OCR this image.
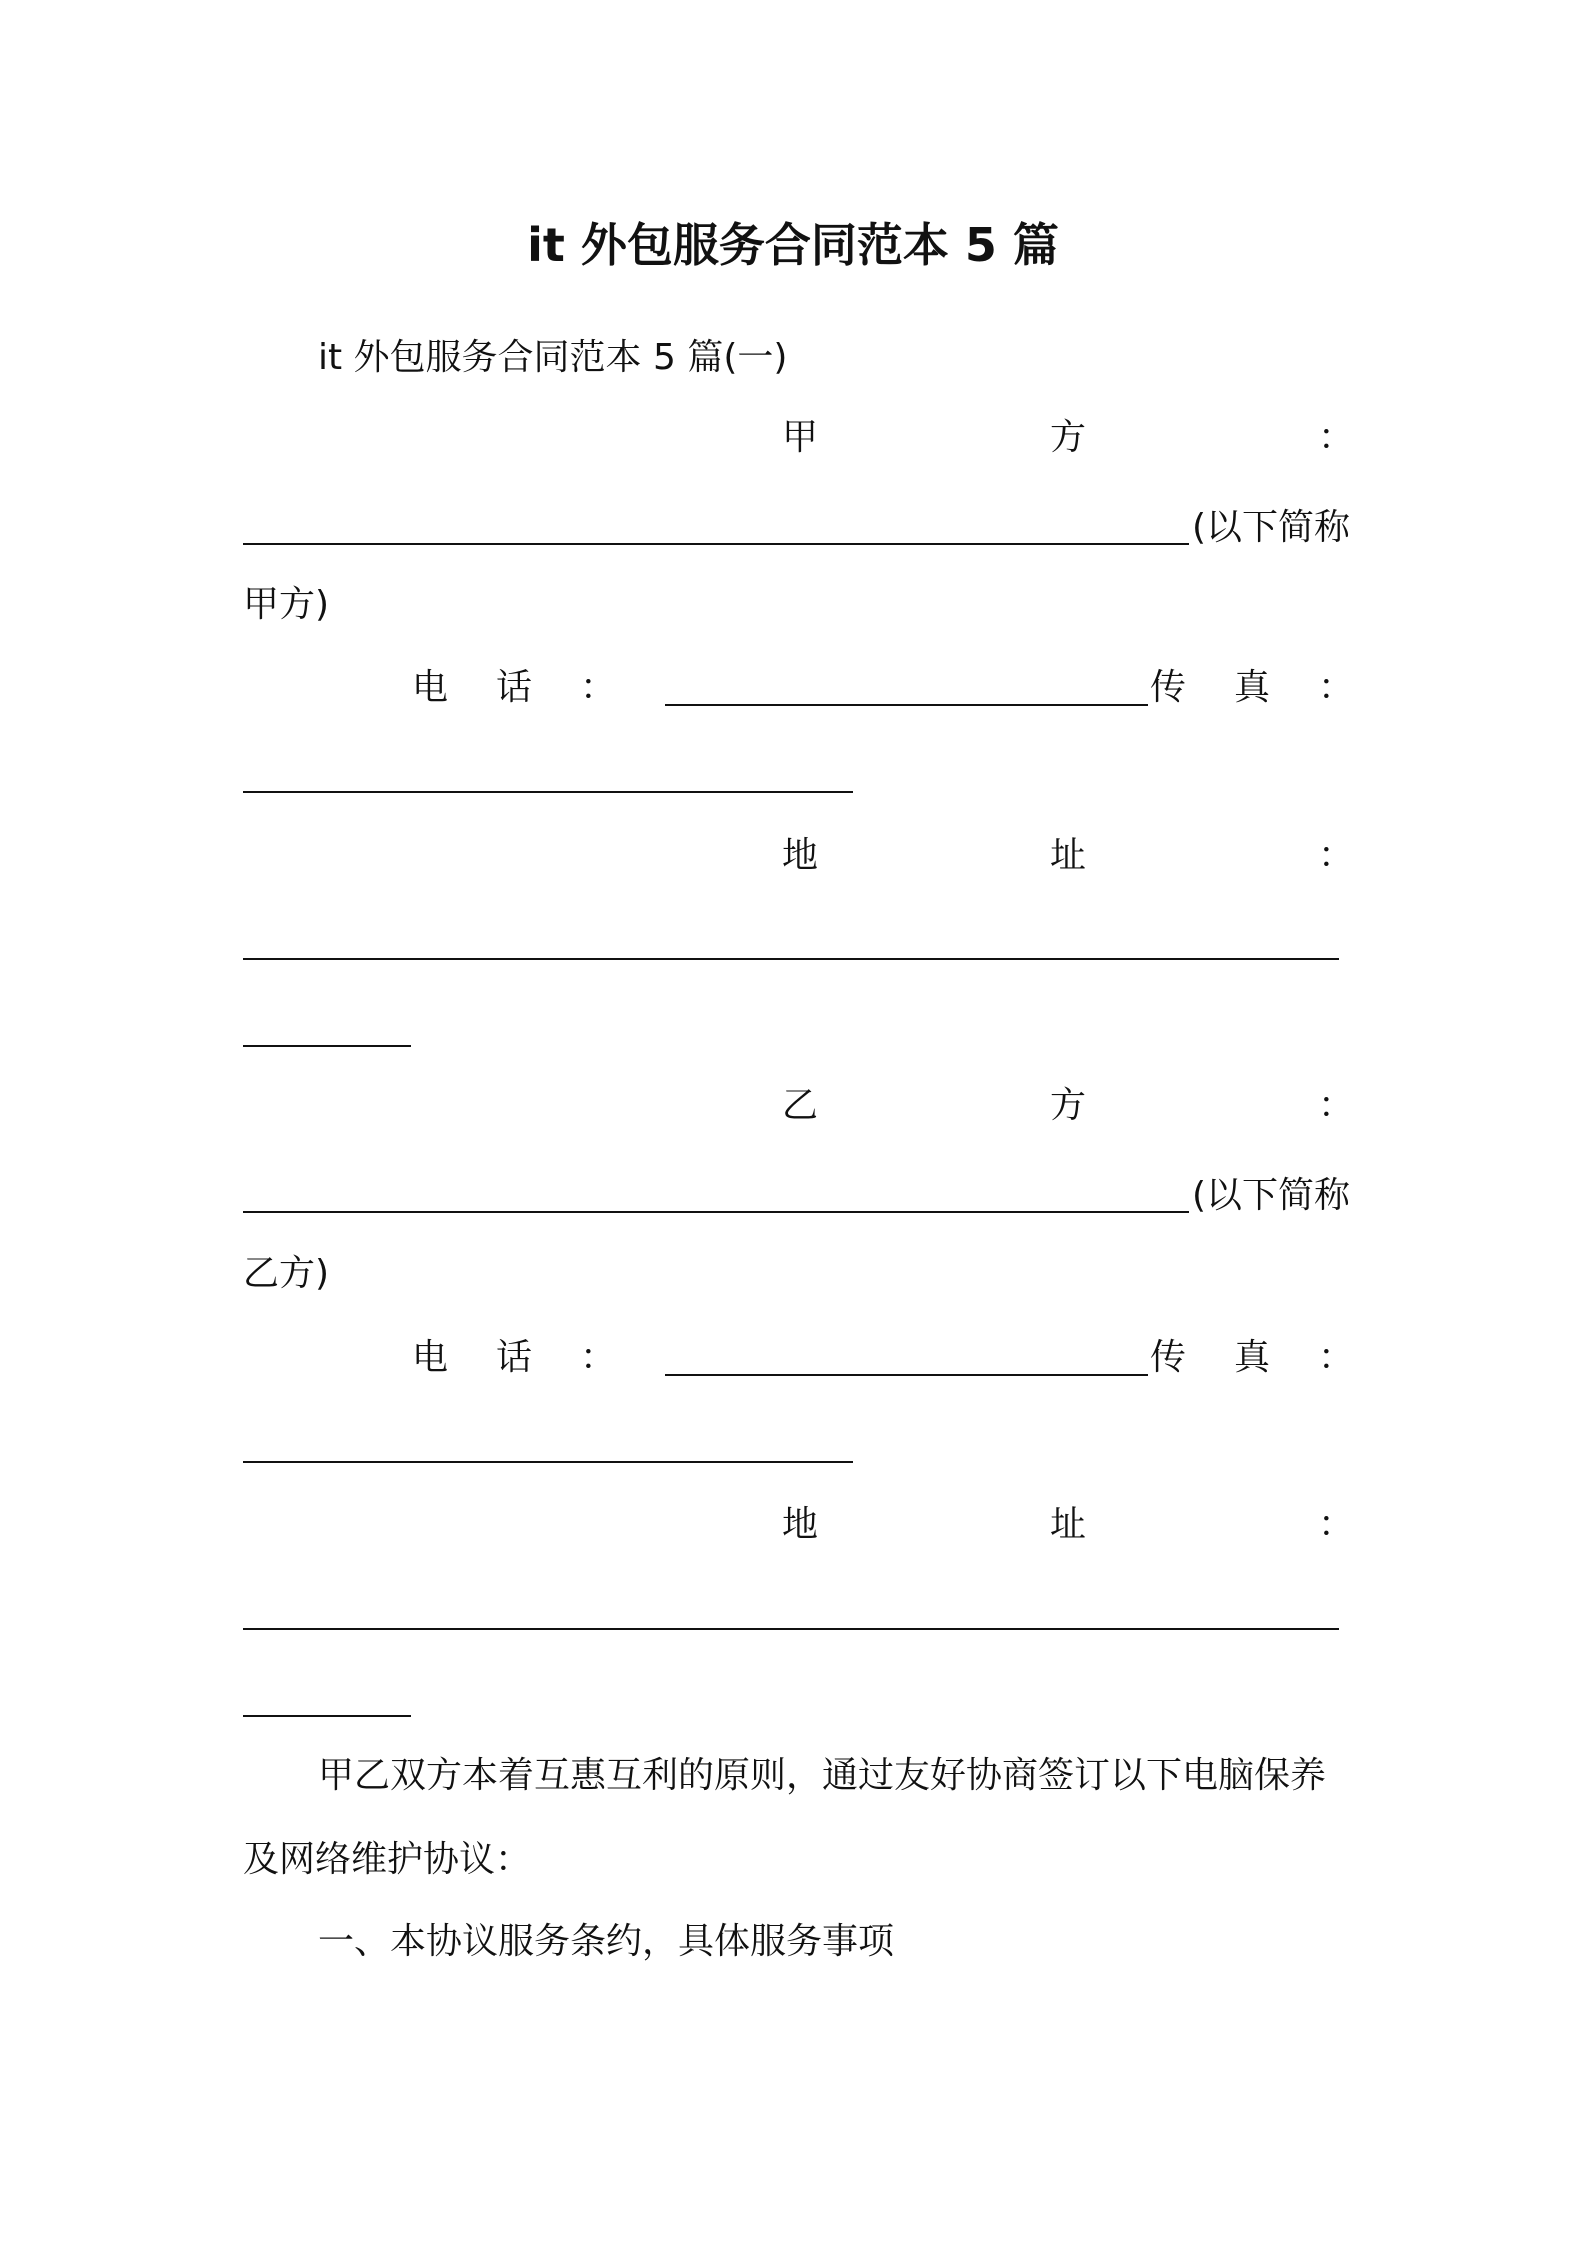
it 外包服务合同范本 5 篇
it 外包服务合同范本 5 篇(一)
甲	方	：
(以下简称
甲方)
电 话 ：	传 真 ：
地	址	：
乙	方	：
(以下简称
乙方)
电 话 ：	传 真 ：
地	址	：
甲乙双方本着互惠互利的原则，通过友好协商签订以下电脑保养
及网络维护协议：
一、本协议服务条约，具体服务事项
